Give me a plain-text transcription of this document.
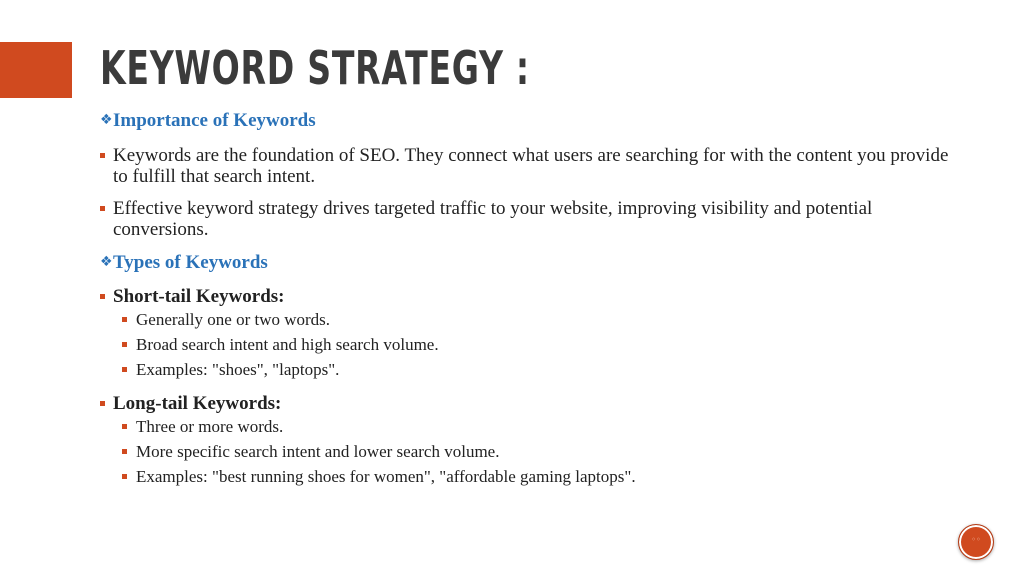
KEYWORD STRATEGY :
❖ Importance of Keywords
Keywords are the foundation of SEO. They connect what users are searching for with the content you provide to fulfill that search intent.
Effective keyword strategy drives targeted traffic to your website, improving visibility and potential conversions.
❖ Types of Keywords
Short-tail Keywords:
Generally one or two words.
Broad search intent and high search volume.
Examples: "shoes", "laptops".
Long-tail Keywords:
Three or more words.
More specific search intent and lower search volume.
Examples: "best running shoes for women", "affordable gaming laptops".
◦◦
